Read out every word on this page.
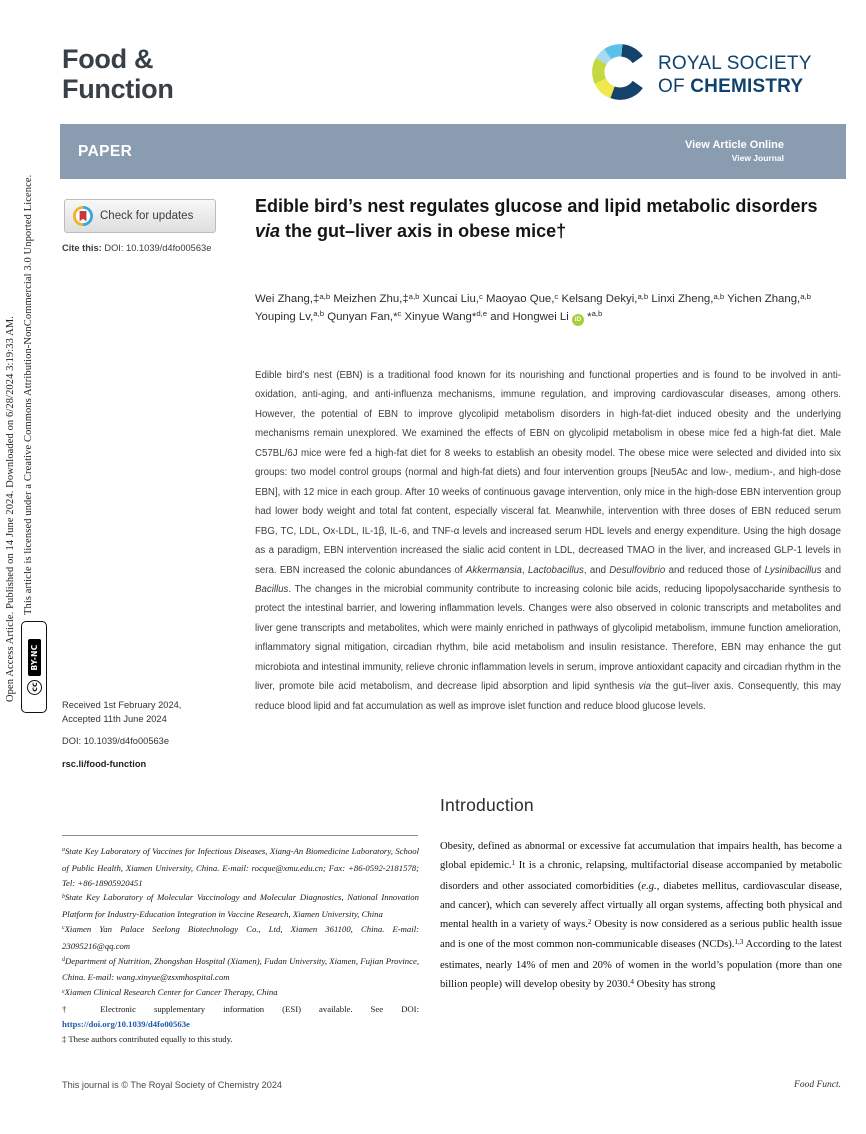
Open Access Article. Published on 14 June 2024. Downloaded on 6/28/2024 3:19:33 AM. This article is licensed under a Creative Commons Attribution-NonCommercial 3.0 Unported Licence.
cc
BY-NC
Food &
Function
ROYAL SOCIETY
OF CHEMISTRY
PAPER	View Article Online
View Journal
Check for updates
Cite this: DOI: 10.1039/d4fo00563e
Edible bird’s nest regulates glucose and lipid metabolic disorders via the gut–liver axis in obese mice†
Wei Zhang,‡$^{a,b}$ Meizhen Zhu,‡$^{a,b}$ Xuncai Liu,$^c$ Maoyao Que,$^c$ Kelsang Dekyi,$^{a,b}$ Linxi Zheng,$^{a,b}$ Yichen Zhang,$^{a,b}$ Youping Lv,$^{a,b}$ Qunyan Fan,*$^c$ Xinyue Wang*$^{d,e}$ and Hongwei Li iD *$^{a,b}$
Edible bird’s nest (EBN) is a traditional food known for its nourishing and functional properties and is found to be involved in anti-oxidation, anti-aging, and anti-influenza mechanisms, immune regulation, and improving cardiovascular diseases, among others. However, the potential of EBN to improve glycolipid metabolism disorders in high-fat-diet induced obesity and the underlying mechanisms remain unexplored. We examined the effects of EBN on glycolipid metabolism in obese mice fed a high-fat diet. Male C57BL/6J mice were fed a high-fat diet for 8 weeks to establish an obesity model. The obese mice were selected and divided into six groups: two model control groups (normal and high-fat diets) and four intervention groups [Neu5Ac and low-, medium-, and high-dose EBN], with 12 mice in each group. After 10 weeks of continuous gavage intervention, only mice in the high-dose EBN intervention group had lower body weight and total fat content, especially visceral fat. Meanwhile, intervention with three doses of EBN reduced serum FBG, TC, LDL, Ox-LDL, IL-1β, IL-6, and TNF-α levels and increased serum HDL levels and energy expenditure. Using the high dosage as a paradigm, EBN intervention increased the sialic acid content in LDL, decreased TMAO in the liver, and increased GLP-1 levels in sera. EBN increased the colonic abundances of Akkermansia, Lactobacillus, and Desulfovibrio and reduced those of Lysinibacillus and Bacillus. The changes in the microbial community contribute to increasing colonic bile acids, reducing lipopolysaccharide synthesis to protect the intestinal barrier, and lowering inflammation levels. Changes were also observed in colonic transcripts and metabolites and liver gene transcripts and metabolites, which were mainly enriched in pathways of glycolipid metabolism, immune function amelioration, inflammatory signal mitigation, circadian rhythm, bile acid metabolism and insulin resistance. Therefore, EBN may enhance the gut microbiota and intestinal immunity, relieve chronic inflammation levels in serum, improve antioxidant capacity and circadian rhythm in the liver, promote bile acid metabolism, and decrease lipid absorption and lipid synthesis via the gut–liver axis. Consequently, this may reduce blood lipid and fat accumulation as well as improve islet function and reduce blood glucose levels.
Received 1st February 2024,
Accepted 11th June 2024
DOI: 10.1039/d4fo00563e
rsc.li/food-function
$^a$State Key Laboratory of Vaccines for Infectious Diseases, Xiang-An Biomedicine Laboratory, School of Public Health, Xiamen University, China. E-mail: rocque@xmu.edu.cn; Fax: +86-0592-2181578; Tel: +86-18905920451
$^b$State Key Laboratory of Molecular Vaccinology and Molecular Diagnostics, National Innovation Platform for Industry-Education Integration in Vaccine Research, Xiamen University, China
$^c$Xiamen Yan Palace Seelong Biotechnology Co., Ltd, Xiamen 361100, China. E-mail: 23095216@qq.com
$^d$Department of Nutrition, Zhongshan Hospital (Xiamen), Fudan University, Xiamen, Fujian Province, China. E-mail: wang.xinyue@zsxmhospital.com
$^e$Xiamen Clinical Research Center for Cancer Therapy, China
† Electronic supplementary information (ESI) available. See DOI: https://doi.org/10.1039/d4fo00563e
‡ These authors contributed equally to this study.
Introduction
Obesity, defined as abnormal or excessive fat accumulation that impairs health, has become a global epidemic.$^1$ It is a chronic, relapsing, multifactorial disease accompanied by metabolic disorders and other associated comorbidities (e.g., diabetes mellitus, cardiovascular disease, and cancer), which can severely affect virtually all organ systems, affecting both physical and mental health in a variety of ways.$^2$ Obesity is now considered as a serious public health issue and is one of the most common non-communicable diseases (NCDs).$^{1,3}$ According to the latest estimates, nearly 14% of men and 20% of women in the world’s population (more than one billion people) will develop obesity by 2030.$^4$ Obesity has strong
This journal is © The Royal Society of Chemistry 2024	Food Funct.
